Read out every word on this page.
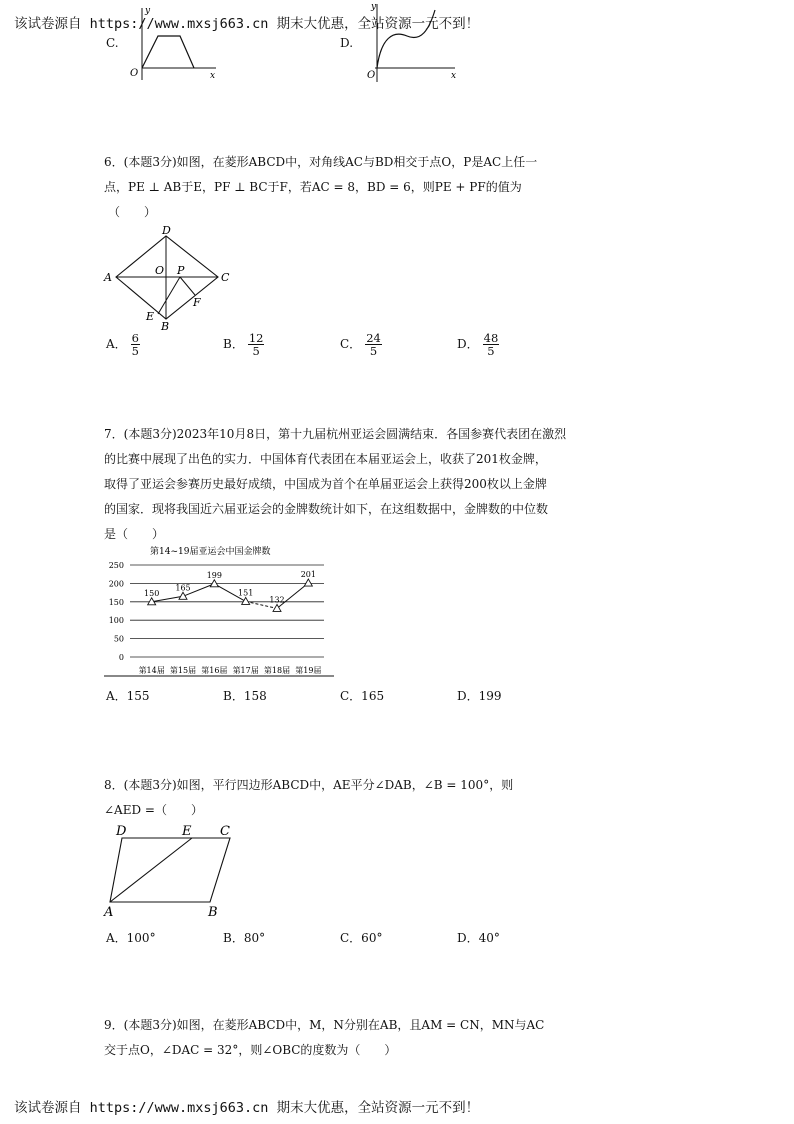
该试卷源自 https://www.mxsj663.cn 期末大优惠，全站资源一元不到！
C.
O	x
y
D.
O	x
y
6．(本题3分)如图，在菱形ABCD中，对角线AC与BD相交于点O，P是AC上任一
点，PE ⊥ AB于E，PF ⊥ BC于F，若AC = 8，BD = 6，则PE + PF的值为
（　　）
A
D
C
B
O P
E
F
A． $\frac{6}{5}$	B． $\frac{12}{5}$	C． $\frac{24}{5}$	D． $\frac{48}{5}$
7．(本题3分)2023年10月8日，第十九届杭州亚运会圆满结束．各国参赛代表团在激烈
的比赛中展现了出色的实力．中国体育代表团在本届亚运会上，收获了201枚金牌，
取得了亚运会参赛历史最好成绩，中国成为首个在单届亚运会上获得200枚以上金牌
的国家．现将我国近六届亚运会的金牌数统计如下，在这组数据中，金牌数的中位数
是（　　）
第14~19届亚运会中国金牌数
0
50
100
150
200
250
第14届 第15届 第16届 第17届 第18届 第19届
150
165
199
151
132
201
A．155	B．158	C．165	D．199
8．(本题3分)如图，平行四边形ABCD中，AE平分∠DAB，∠B = 100°，则
∠AED =（　　）
D	E C
A	B
A．100°	B．80°	C．60°	D．40°
9．(本题3分)如图，在菱形ABCD中，M，N分别在AB，且AM = CN，MN与AC
交于点O，∠DAC = 32°，则∠OBC的度数为（　　）
该试卷源自 https://www.mxsj663.cn 期末大优惠，全站资源一元不到！
